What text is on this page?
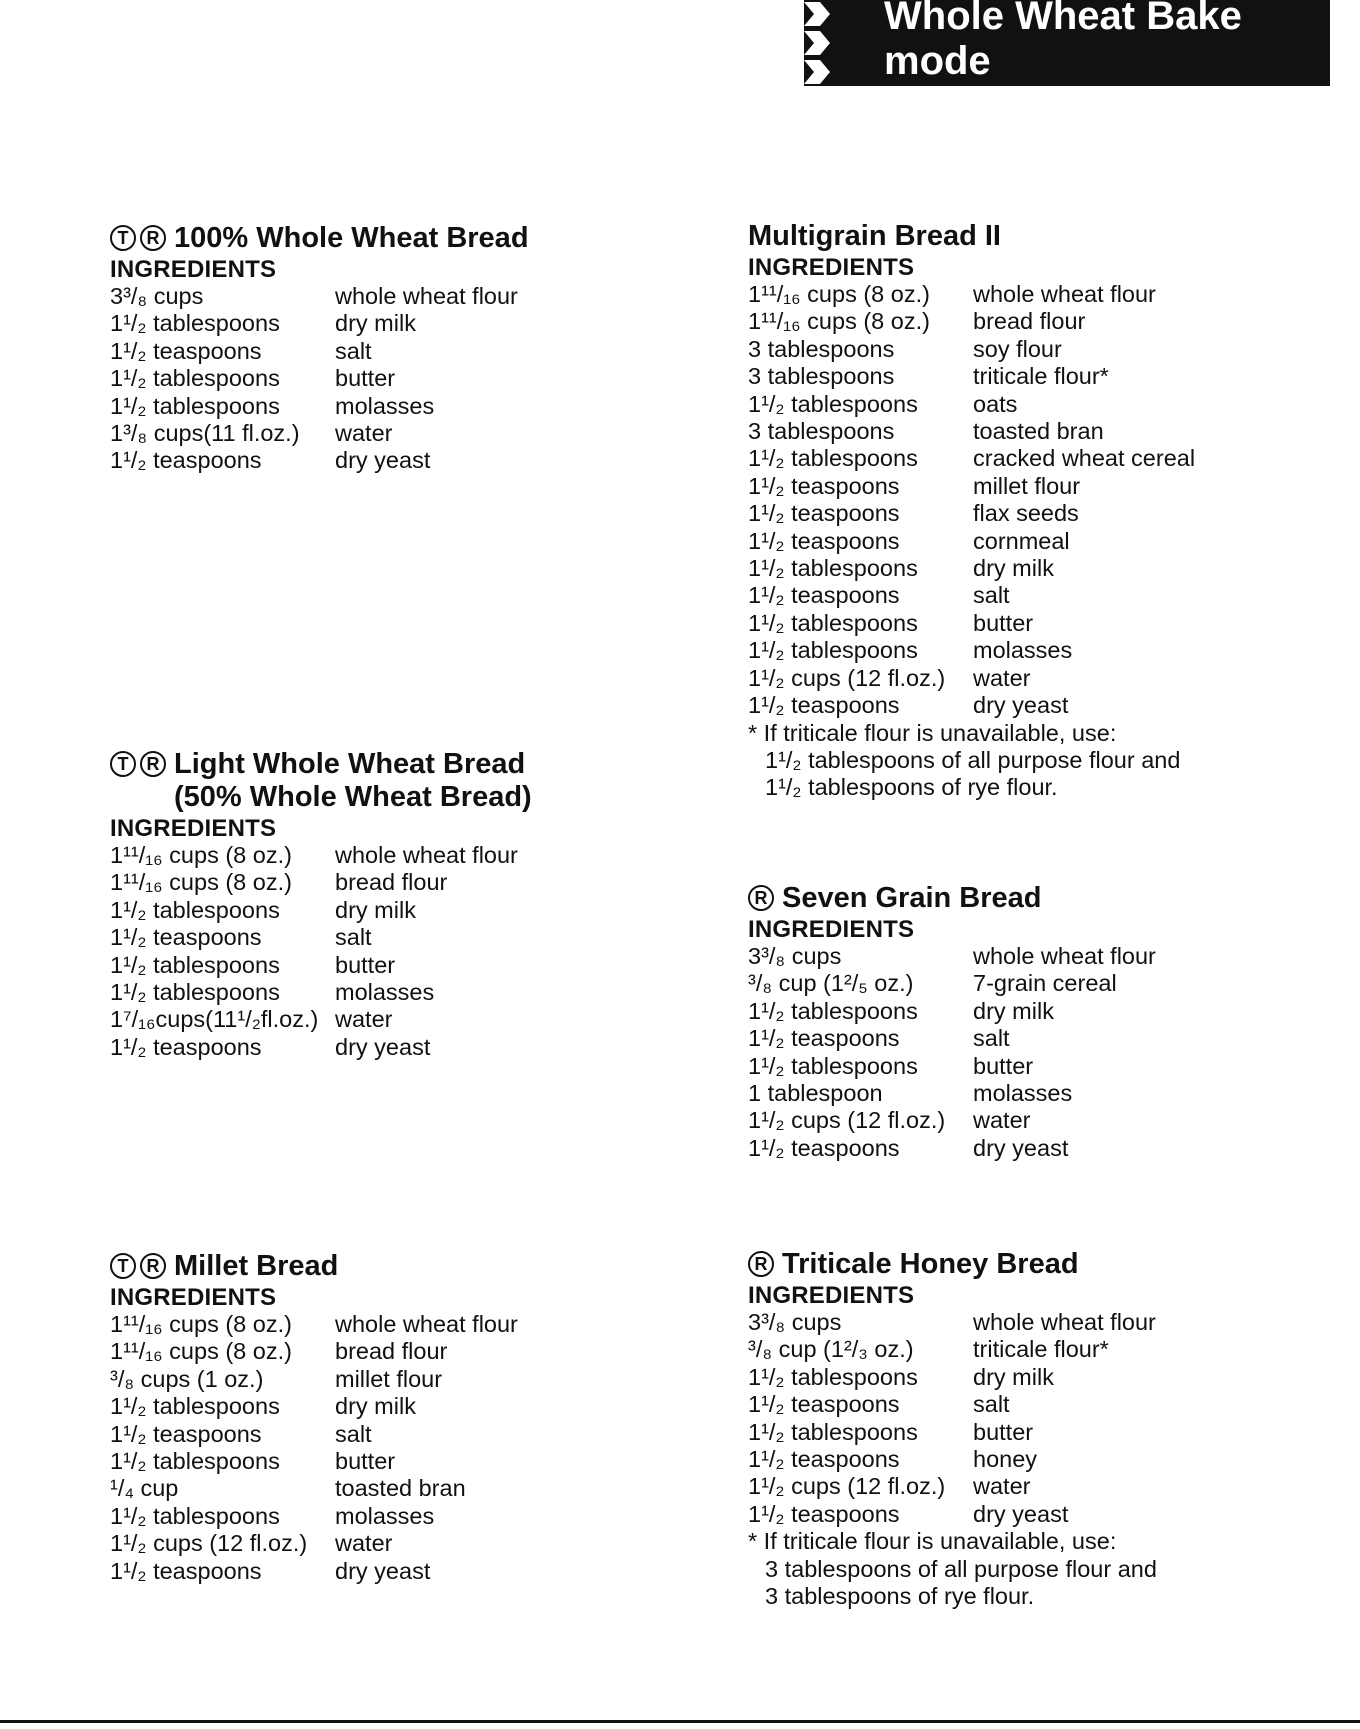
Whole Wheat Bake
mode
T	R 100% Whole Wheat Bread
INGREDIENTS
3³/₈ cups	whole wheat flour
1¹/₂ tablespoons	dry milk
1¹/₂ teaspoons	salt
1¹/₂ tablespoons	butter
1¹/₂ tablespoons	molasses
1³/₈ cups(11 fl.oz.)	water
1¹/₂ teaspoons	dry yeast
T	R Light Whole Wheat Bread
(50% Whole Wheat Bread)
INGREDIENTS
1¹¹/₁₆ cups (8 oz.)	whole wheat flour
1¹¹/₁₆ cups (8 oz.)	bread flour
1¹/₂ tablespoons	dry milk
1¹/₂ teaspoons	salt
1¹/₂ tablespoons	butter
1¹/₂ tablespoons	molasses
1⁷/₁₆cups(11¹/₂fl.oz.) water
1¹/₂ teaspoons	dry yeast
T	R Millet Bread
INGREDIENTS
1¹¹/₁₆ cups (8 oz.)	whole wheat flour
1¹¹/₁₆ cups (8 oz.)	bread flour
³/₈ cups (1 oz.)	millet flour
1¹/₂ tablespoons	dry milk
1¹/₂ teaspoons	salt
1¹/₂ tablespoons	butter
¹/₄ cup	toasted bran
1¹/₂ tablespoons	molasses
1¹/₂ cups (12 fl.oz.)	water
1¹/₂ teaspoons	dry yeast
Multigrain Bread II
INGREDIENTS
1¹¹/₁₆ cups (8 oz.)	whole wheat flour
1¹¹/₁₆ cups (8 oz.)	bread flour
3 tablespoons	soy flour
3 tablespoons	triticale flour*
1¹/₂ tablespoons	oats
3 tablespoons	toasted bran
1¹/₂ tablespoons	cracked wheat cereal
1¹/₂ teaspoons	millet flour
1¹/₂ teaspoons	flax seeds
1¹/₂ teaspoons	cornmeal
1¹/₂ tablespoons	dry milk
1¹/₂ teaspoons	salt
1¹/₂ tablespoons	butter
1¹/₂ tablespoons	molasses
1¹/₂ cups (12 fl.oz.)	water
1¹/₂ teaspoons	dry yeast
* If triticale flour is unavailable, use:
1¹/₂ tablespoons of all purpose flour and
1¹/₂ tablespoons of rye flour.
R Seven Grain Bread
INGREDIENTS
3³/₈ cups	whole wheat flour
³/₈ cup (1²/₅ oz.)	7-grain cereal
1¹/₂ tablespoons	dry milk
1¹/₂ teaspoons	salt
1¹/₂ tablespoons	butter
1 tablespoon	molasses
1¹/₂ cups (12 fl.oz.)	water
1¹/₂ teaspoons	dry yeast
R Triticale Honey Bread
INGREDIENTS
3³/₈ cups	whole wheat flour
³/₈ cup (1²/₃ oz.)	triticale flour*
1¹/₂ tablespoons	dry milk
1¹/₂ teaspoons	salt
1¹/₂ tablespoons	butter
1¹/₂ teaspoons	honey
1¹/₂ cups (12 fl.oz.)	water
1¹/₂ teaspoons	dry yeast
* If triticale flour is unavailable, use:
3 tablespoons of all purpose flour and
3 tablespoons of rye flour.
